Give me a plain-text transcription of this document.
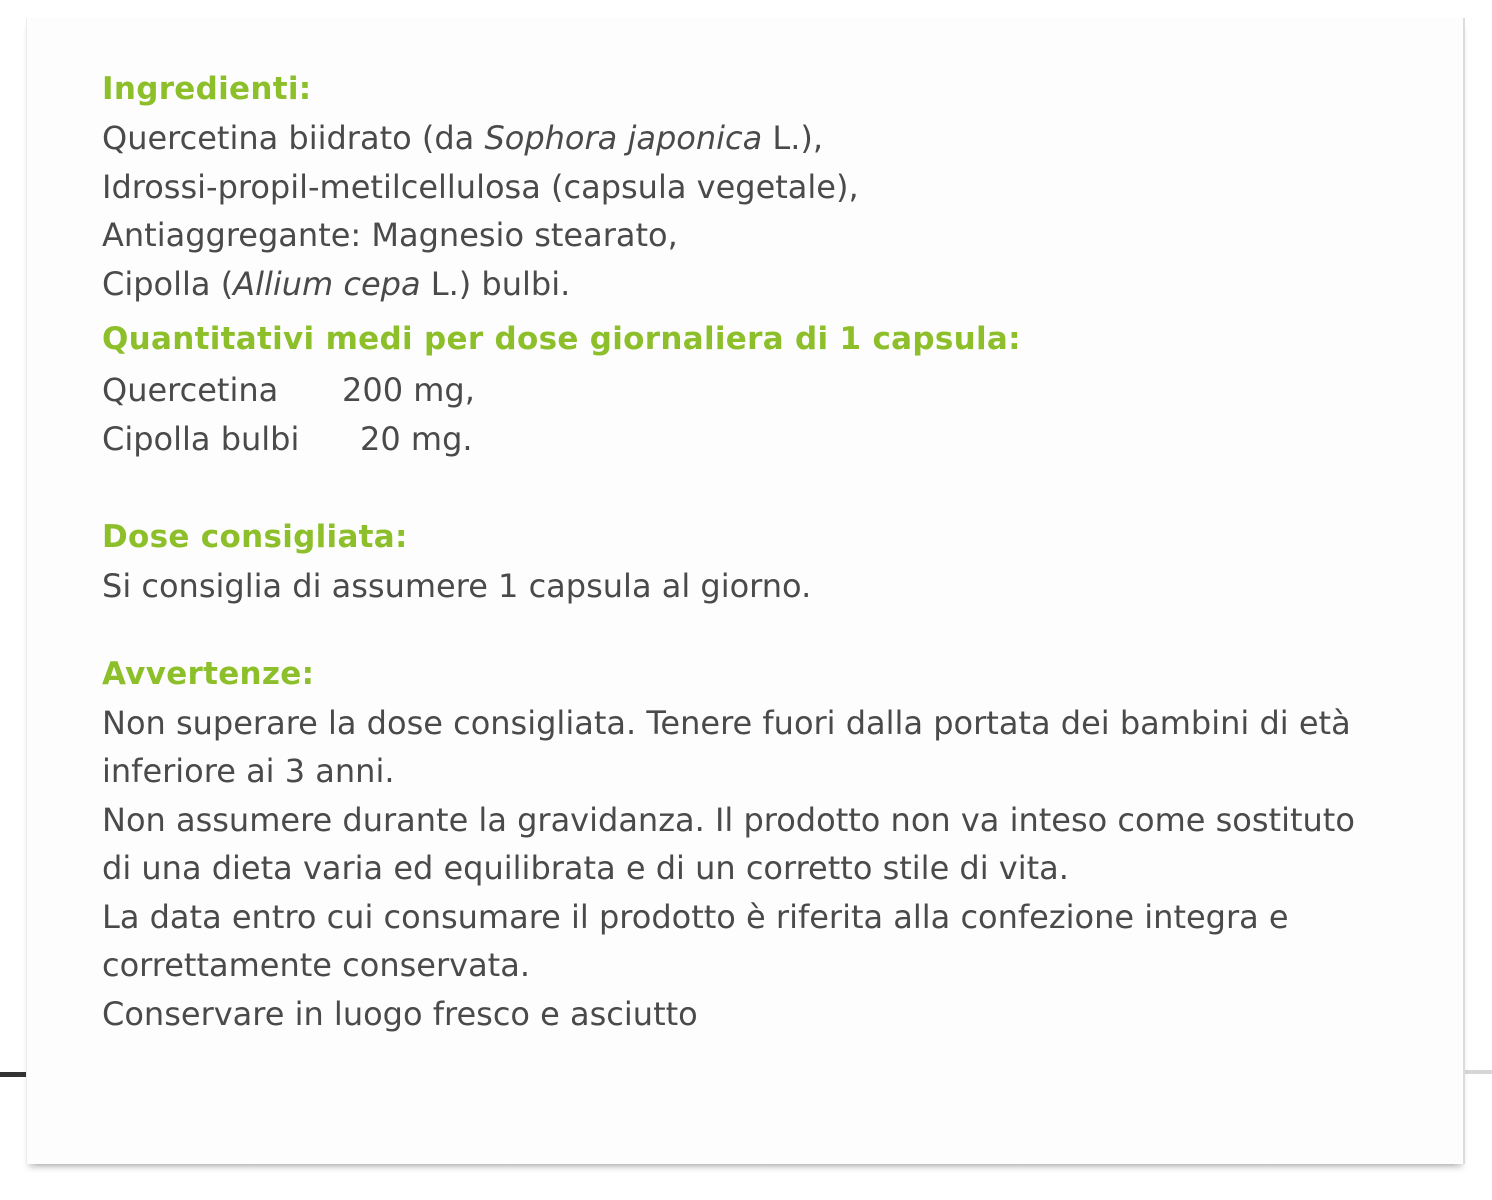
Ingredienti:
Quercetina biidrato (da Sophora japonica L.),
Idrossi-propil-metilcellulosa (capsula vegetale),
Antiaggregante: Magnesio stearato,
Cipolla (Allium cepa L.) bulbi.
Quantitativi medi per dose giornaliera di 1 capsula:
Quercetina 200 mg,
Cipolla bulbi 20 mg.
Dose consigliata:
Si consiglia di assumere 1 capsula al giorno.
Avvertenze:
Non superare la dose consigliata. Tenere fuori dalla portata dei bambini di età inferiore ai 3 anni.
Non assumere durante la gravidanza. Il prodotto non va inteso come sostituto di una dieta varia ed equilibrata e di un corretto stile di vita.
La data entro cui consumare il prodotto è riferita alla confezione integra e correttamente conservata.
Conservare in luogo fresco e asciutto
